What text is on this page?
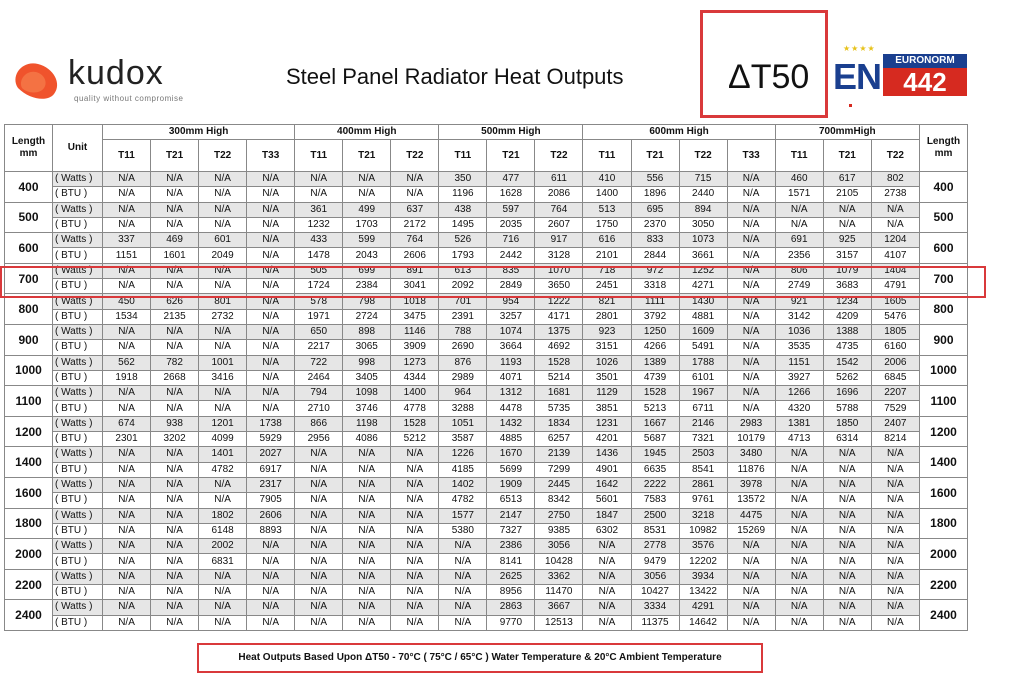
kudox
quality without compromise
Steel Panel Radiator Heat Outputs	ΔT50
★★★★
EN	EURONORM
442
Length mm	Unit	300mm High				400mm High			500mm High			600mm High				700mmHigh			Length mm
		T11	T21	T22	T33	T11	T21	T22	T11	T21	T22	T11	T21	T22	T33	T11	T21	T22	
400	( Watts )	N/A	N/A	N/A	N/A	N/A	N/A	N/A	350	477	611	410	556	715	N/A	460	617	802	400
	( BTU )	N/A	N/A	N/A	N/A	N/A	N/A	N/A	1196	1628	2086	1400	1896	2440	N/A	1571	2105	2738	
500	( Watts )	N/A	N/A	N/A	N/A	361	499	637	438	597	764	513	695	894	N/A	N/A	N/A	N/A	500
	( BTU )	N/A	N/A	N/A	N/A	1232	1703	2172	1495	2035	2607	1750	2370	3050	N/A	N/A	N/A	N/A	
600	( Watts )	337	469	601	N/A	433	599	764	526	716	917	616	833	1073	N/A	691	925	1204	600
	( BTU )	1151	1601	2049	N/A	1478	2043	2606	1793	2442	3128	2101	2844	3661	N/A	2356	3157	4107	
700	( Watts )	N/A	N/A	N/A	N/A	505	699	891	613	835	1070	718	972	1252	N/A	806	1079	1404	700
	( BTU )	N/A	N/A	N/A	N/A	1724	2384	3041	2092	2849	3650	2451	3318	4271	N/A	2749	3683	4791	
800	( Watts )	450	626	801	N/A	578	798	1018	701	954	1222	821	1111	1430	N/A	921	1234	1605	800
	( BTU )	1534	2135	2732	N/A	1971	2724	3475	2391	3257	4171	2801	3792	4881	N/A	3142	4209	5476	
900	( Watts )	N/A	N/A	N/A	N/A	650	898	1146	788	1074	1375	923	1250	1609	N/A	1036	1388	1805	900
	( BTU )	N/A	N/A	N/A	N/A	2217	3065	3909	2690	3664	4692	3151	4266	5491	N/A	3535	4735	6160	
1000	( Watts )	562	782	1001	N/A	722	998	1273	876	1193	1528	1026	1389	1788	N/A	1151	1542	2006	1000
	( BTU )	1918	2668	3416	N/A	2464	3405	4344	2989	4071	5214	3501	4739	6101	N/A	3927	5262	6845	
1100	( Watts )	N/A	N/A	N/A	N/A	794	1098	1400	964	1312	1681	1129	1528	1967	N/A	1266	1696	2207	1100
	( BTU )	N/A	N/A	N/A	N/A	2710	3746	4778	3288	4478	5735	3851	5213	6711	N/A	4320	5788	7529	
1200	( Watts )	674	938	1201	1738	866	1198	1528	1051	1432	1834	1231	1667	2146	2983	1381	1850	2407	1200
	( BTU )	2301	3202	4099	5929	2956	4086	5212	3587	4885	6257	4201	5687	7321	10179	4713	6314	8214	
1400	( Watts )	N/A	N/A	1401	2027	N/A	N/A	N/A	1226	1670	2139	1436	1945	2503	3480	N/A	N/A	N/A	1400
	( BTU )	N/A	N/A	4782	6917	N/A	N/A	N/A	4185	5699	7299	4901	6635	8541	11876	N/A	N/A	N/A	
1600	( Watts )	N/A	N/A	N/A	2317	N/A	N/A	N/A	1402	1909	2445	1642	2222	2861	3978	N/A	N/A	N/A	1600
	( BTU )	N/A	N/A	N/A	7905	N/A	N/A	N/A	4782	6513	8342	5601	7583	9761	13572	N/A	N/A	N/A	
1800	( Watts )	N/A	N/A	1802	2606	N/A	N/A	N/A	1577	2147	2750	1847	2500	3218	4475	N/A	N/A	N/A	1800
	( BTU )	N/A	N/A	6148	8893	N/A	N/A	N/A	5380	7327	9385	6302	8531	10982	15269	N/A	N/A	N/A	
2000	( Watts )	N/A	N/A	2002	N/A	N/A	N/A	N/A	N/A	2386	3056	N/A	2778	3576	N/A	N/A	N/A	N/A	2000
	( BTU )	N/A	N/A	6831	N/A	N/A	N/A	N/A	N/A	8141	10428	N/A	9479	12202	N/A	N/A	N/A	N/A	
2200	( Watts )	N/A	N/A	N/A	N/A	N/A	N/A	N/A	N/A	2625	3362	N/A	3056	3934	N/A	N/A	N/A	N/A	2200
	( BTU )	N/A	N/A	N/A	N/A	N/A	N/A	N/A	N/A	8956	11470	N/A	10427	13422	N/A	N/A	N/A	N/A	
2400	( Watts )	N/A	N/A	N/A	N/A	N/A	N/A	N/A	N/A	2863	3667	N/A	3334	4291	N/A	N/A	N/A	N/A	2400
	( BTU )	N/A	N/A	N/A	N/A	N/A	N/A	N/A	N/A	9770	12513	N/A	11375	14642	N/A	N/A	N/A	N/A	
Heat Outputs Based Upon ΔT50 - 70°C ( 75°C / 65°C ) Water Temperature & 20°C Ambient Temperature
